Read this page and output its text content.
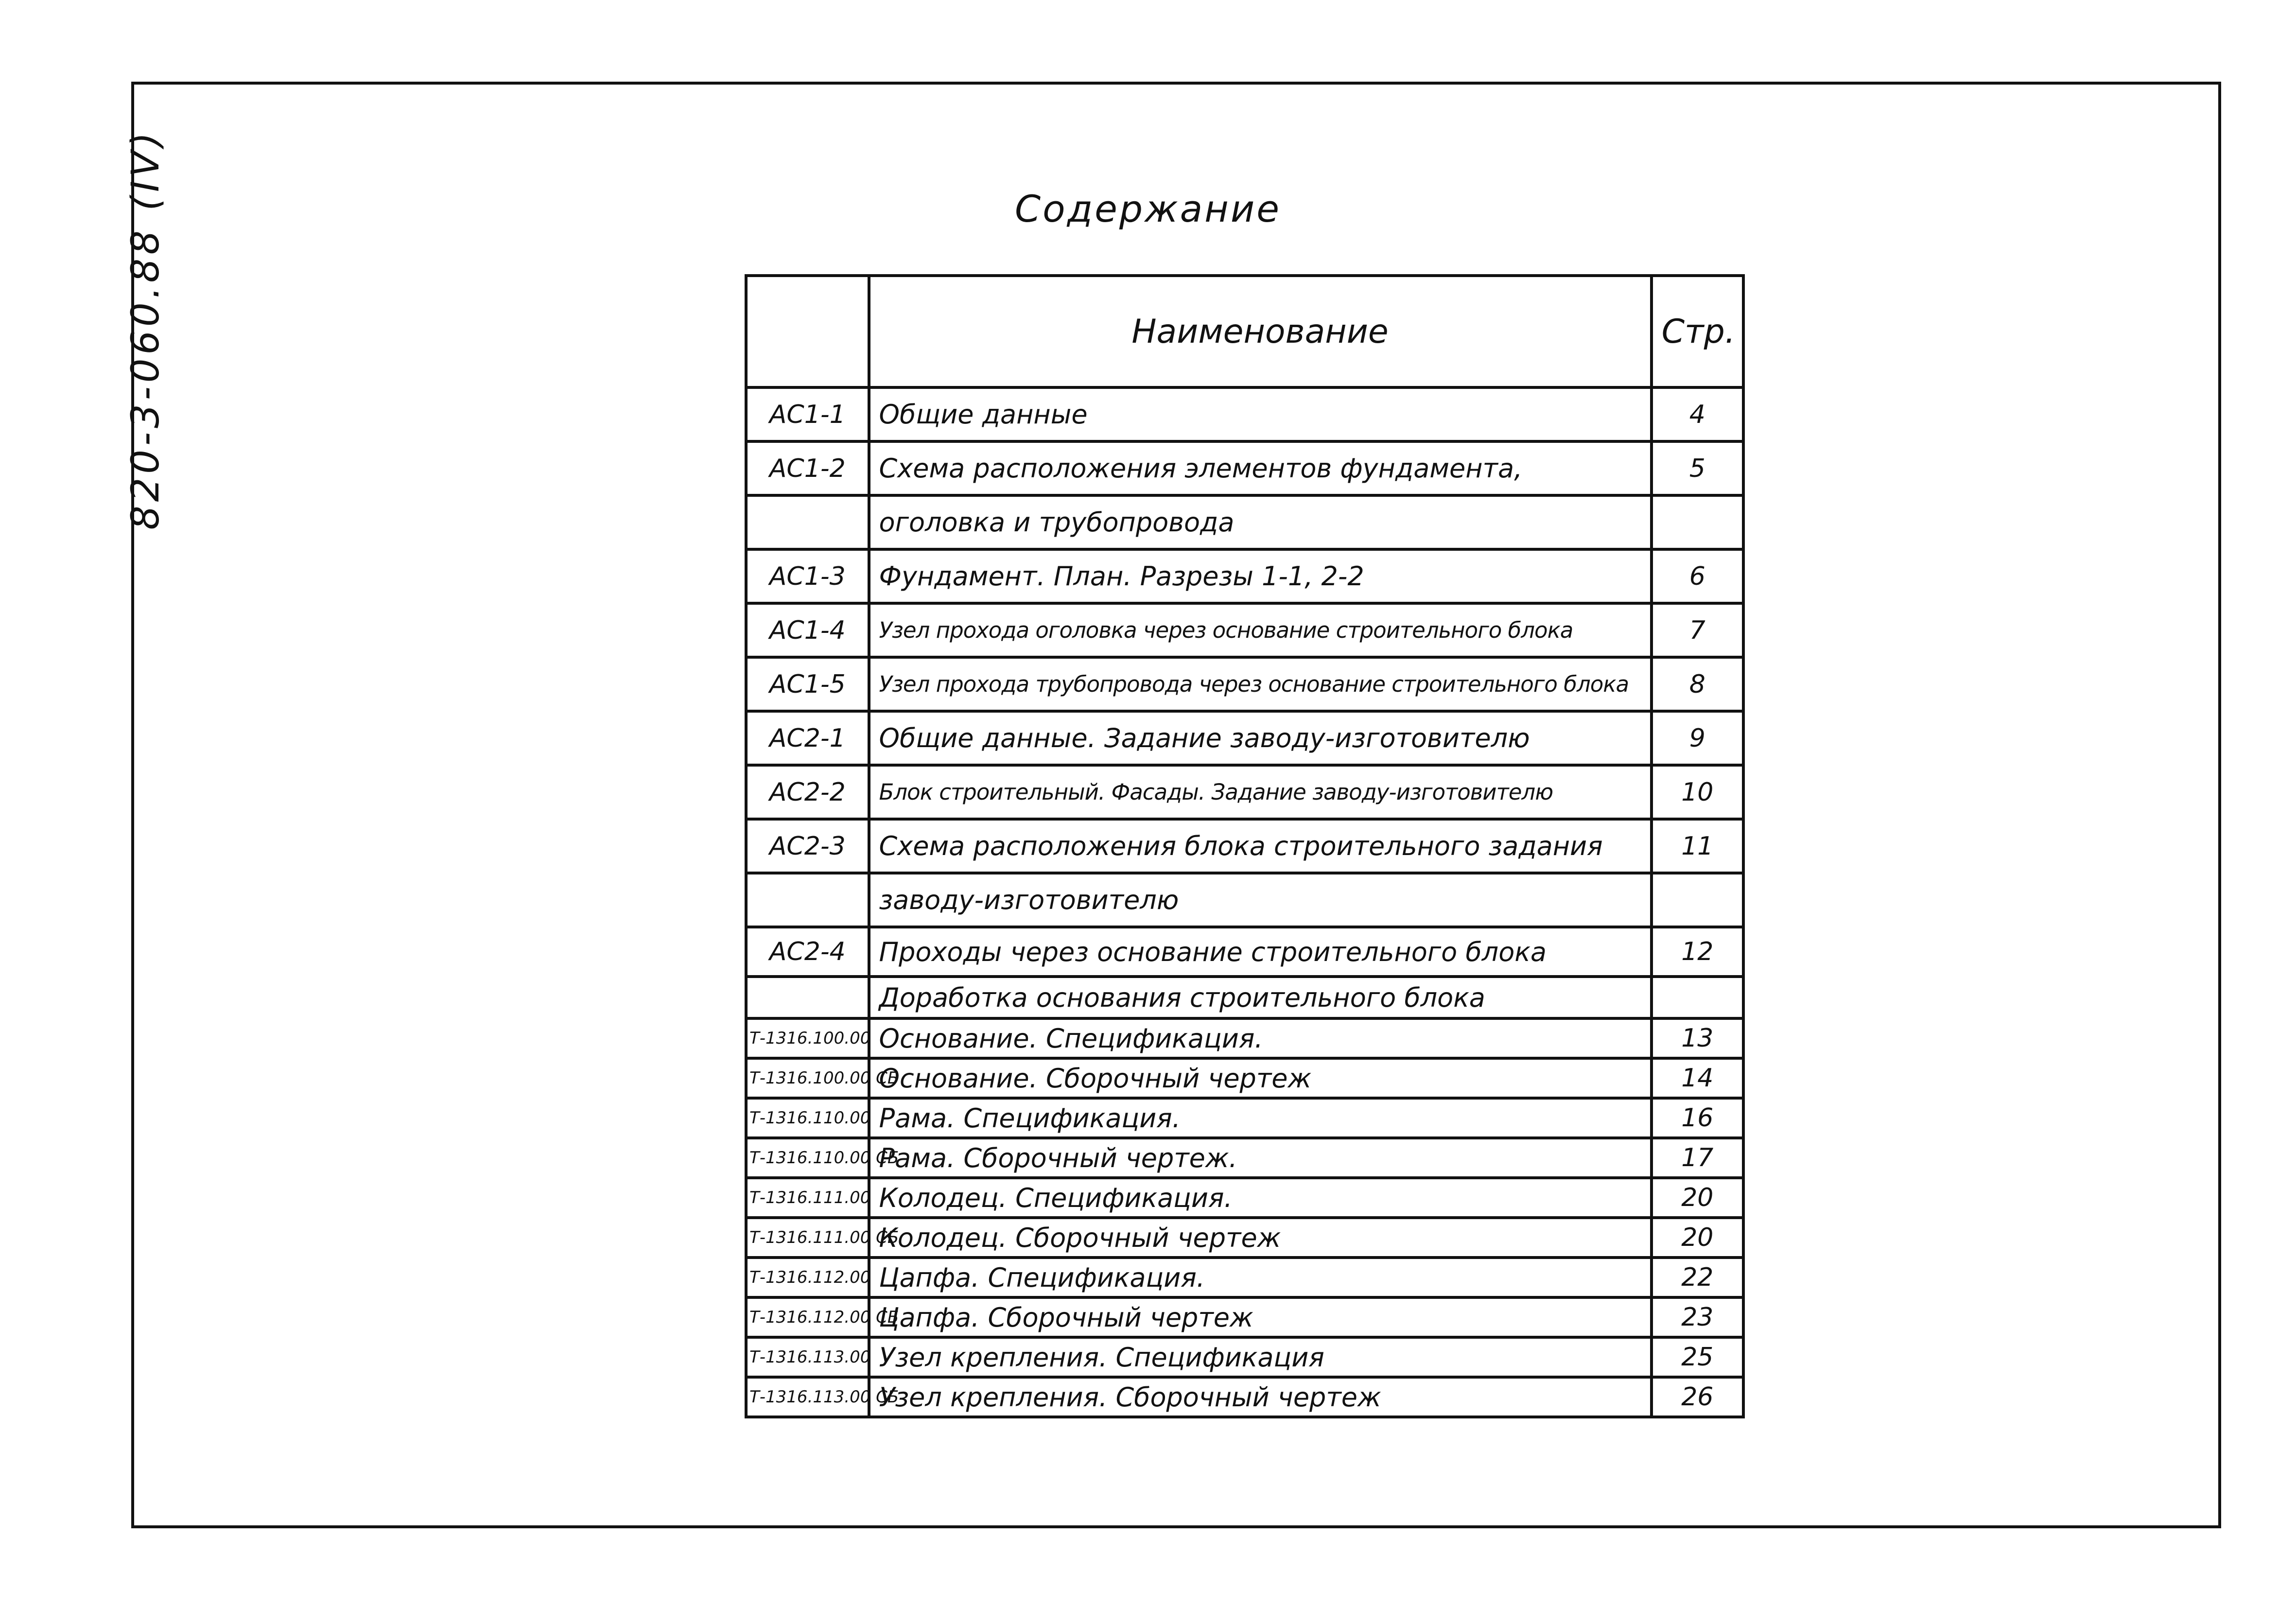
820-3-060.88 (IV)	Содержание
	Наименование	Стр.
АС1-1	Общие данные	4
АС1-2	Схема расположения элементов фундамента,	5
	оголовка и трубопровода	
АС1-3	Фундамент. План. Разрезы 1-1, 2-2	6
АС1-4	Узел прохода оголовка через основание строительного блока	7
АС1-5	Узел прохода трубопровода через основание строительного блока	8
АС2-1	Общие данные. Задание заводу-изготовителю	9
АС2-2	Блок строительный. Фасады. Задание заводу-изготовителю	10
АС2-3	Схема расположения блока строительного задания	11
	заводу-изготовителю	
АС2-4	Проходы через основание строительного блока	12
	Доработка основания строительного блока	
Т-1316.100.00	Основание. Спецификация.	13
Т-1316.100.00 СБ	Основание. Сборочный чертеж	14
Т-1316.110.00	Рама. Спецификация.	16
Т-1316.110.00 СБ	Рама. Сборочный чертеж.	17
Т-1316.111.00	Колодец. Спецификация.	20
Т-1316.111.00 СБ	Колодец. Сборочный чертеж	20
Т-1316.112.00	Цапфа. Спецификация.	22
Т-1316.112.00 СБ	Цапфа. Сборочный чертеж	23
Т-1316.113.00	Узел крепления. Спецификация	25
Т-1316.113.00 СБ	Узел крепления. Сборочный чертеж	26
